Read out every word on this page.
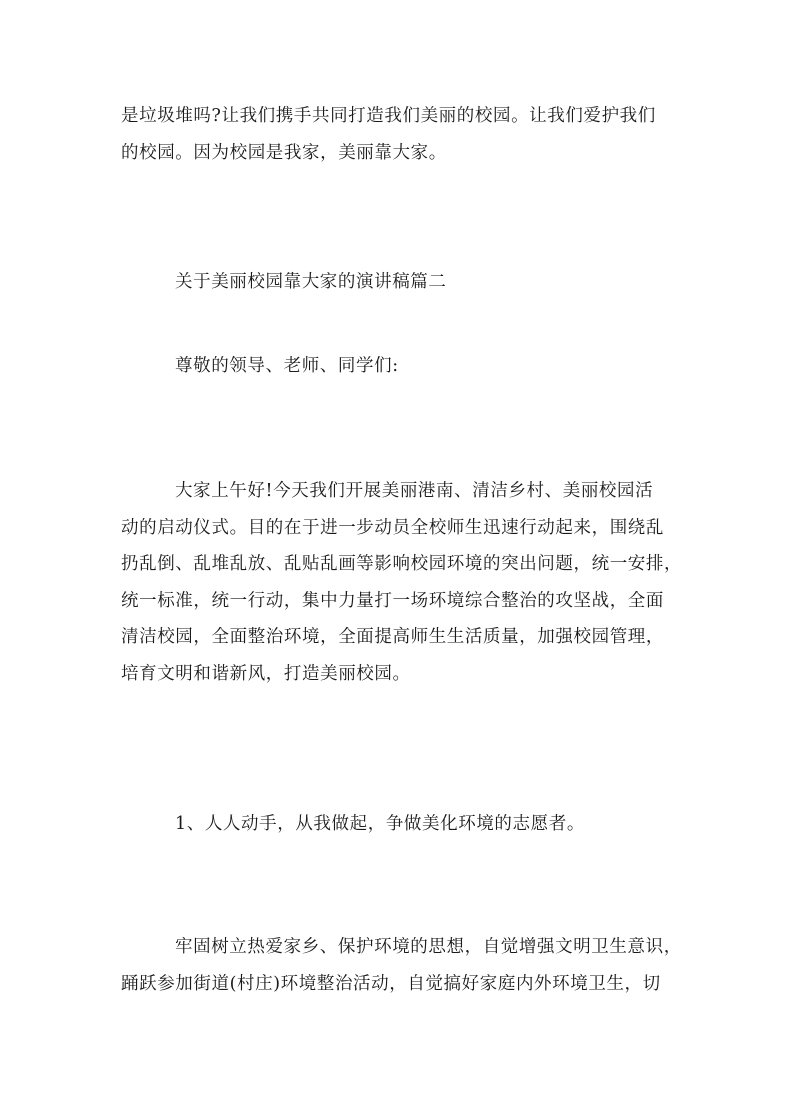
是垃圾堆吗?让我们携手共同打造我们美丽的校园。让我们爱护我们
的校园。因为校园是我家，美丽靠大家。
关于美丽校园靠大家的演讲稿篇二
尊敬的领导、老师、同学们:
大家上午好!今天我们开展美丽港南、清洁乡村、美丽校园活
动的启动仪式。目的在于进一步动员全校师生迅速行动起来，围绕乱
扔乱倒、乱堆乱放、乱贴乱画等影响校园环境的突出问题，统一安排，
统一标准，统一行动，集中力量打一场环境综合整治的攻坚战，全面
清洁校园，全面整治环境，全面提高师生生活质量，加强校园管理，
培育文明和谐新风，打造美丽校园。
1、人人动手，从我做起，争做美化环境的志愿者。
牢固树立热爱家乡、保护环境的思想，自觉增强文明卫生意识，
踊跃参加街道(村庄)环境整治活动，自觉搞好家庭内外环境卫生，切
